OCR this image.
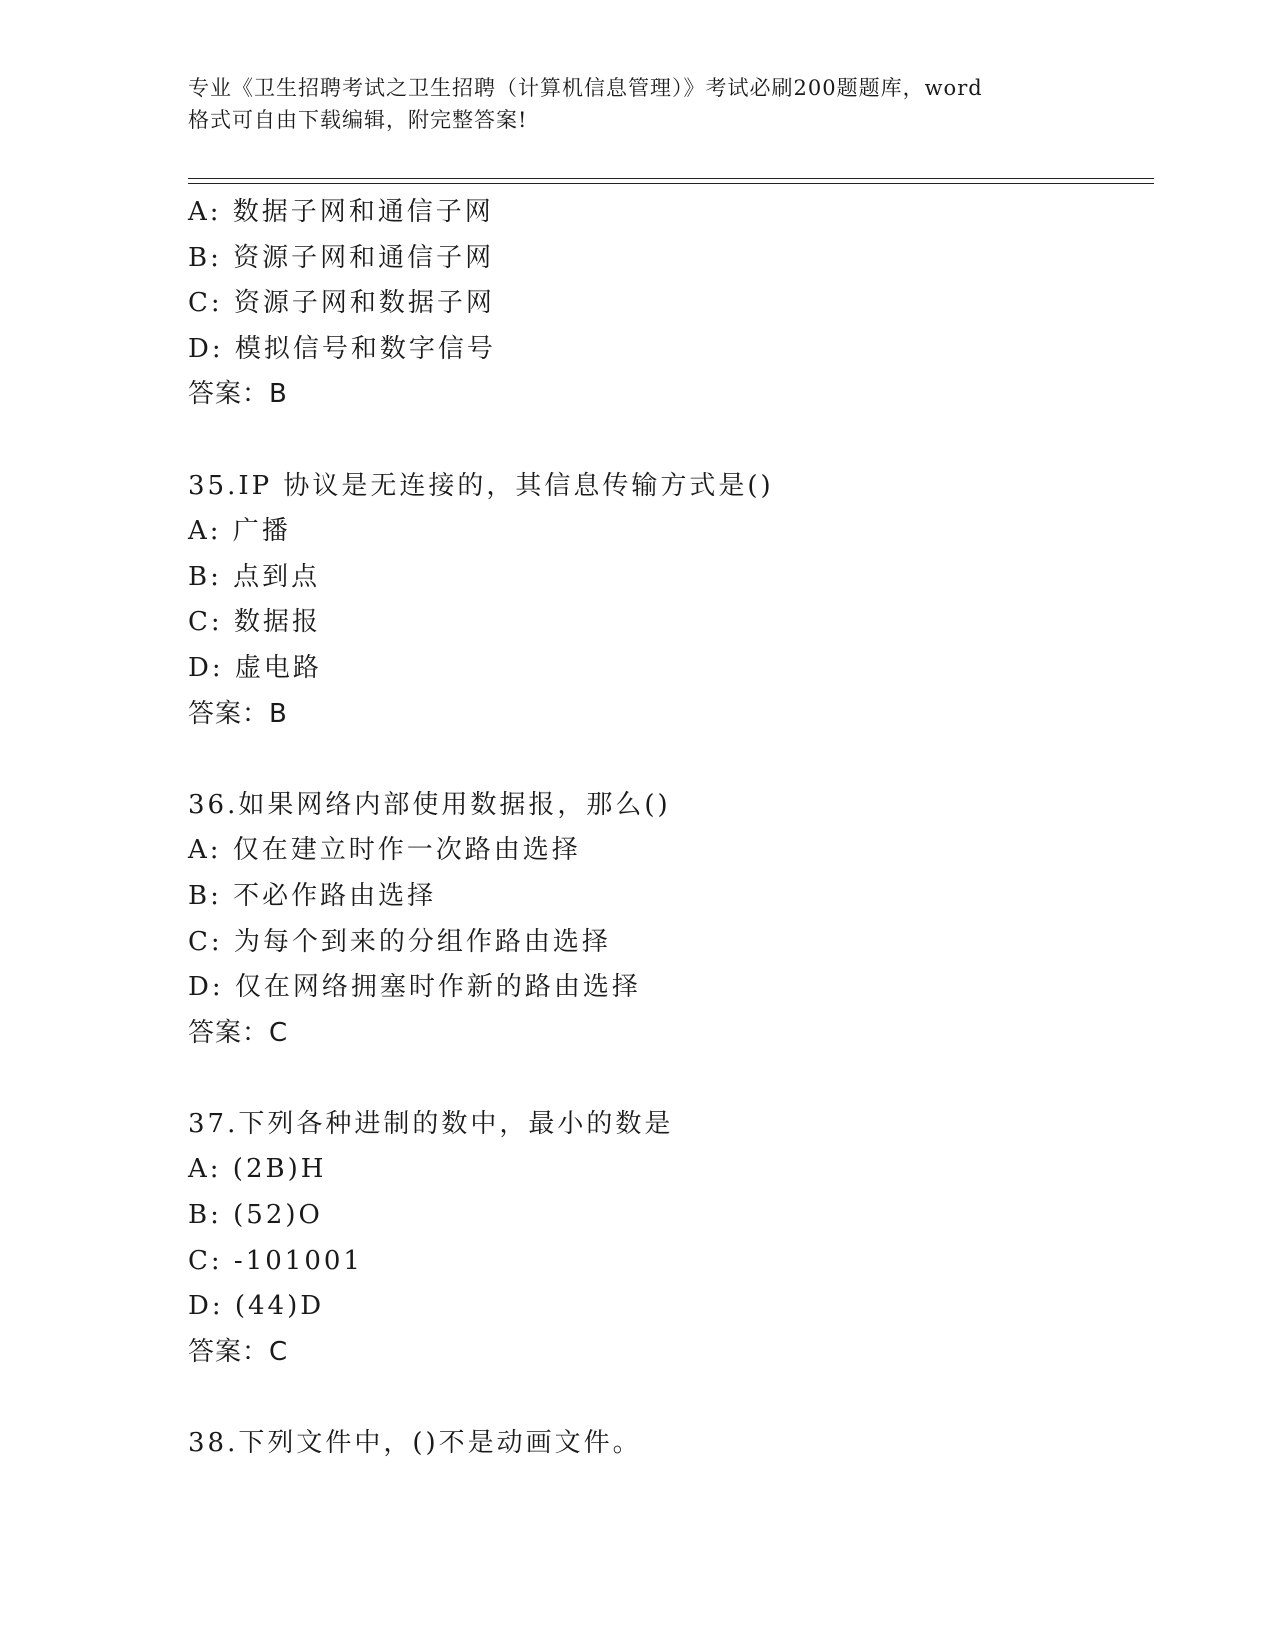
专业《卫生招聘考试之卫生招聘（计算机信息管理）》考试必刷200题题库，word
格式可自由下载编辑，附完整答案!
A: 数据子网和通信子网
B: 资源子网和通信子网
C: 资源子网和数据子网
D: 模拟信号和数字信号
答案：B
35.IP 协议是无连接的，其信息传输方式是()
A: 广播
B: 点到点
C: 数据报
D: 虚电路
答案：B
36.如果网络内部使用数据报，那么()
A: 仅在建立时作一次路由选择
B: 不必作路由选择
C: 为每个到来的分组作路由选择
D: 仅在网络拥塞时作新的路由选择
答案：C
37.下列各种进制的数中，最小的数是
A: (2B)H
B: (52)O
C: -101001
D: (44)D
答案：C
38.下列文件中，()不是动画文件。
